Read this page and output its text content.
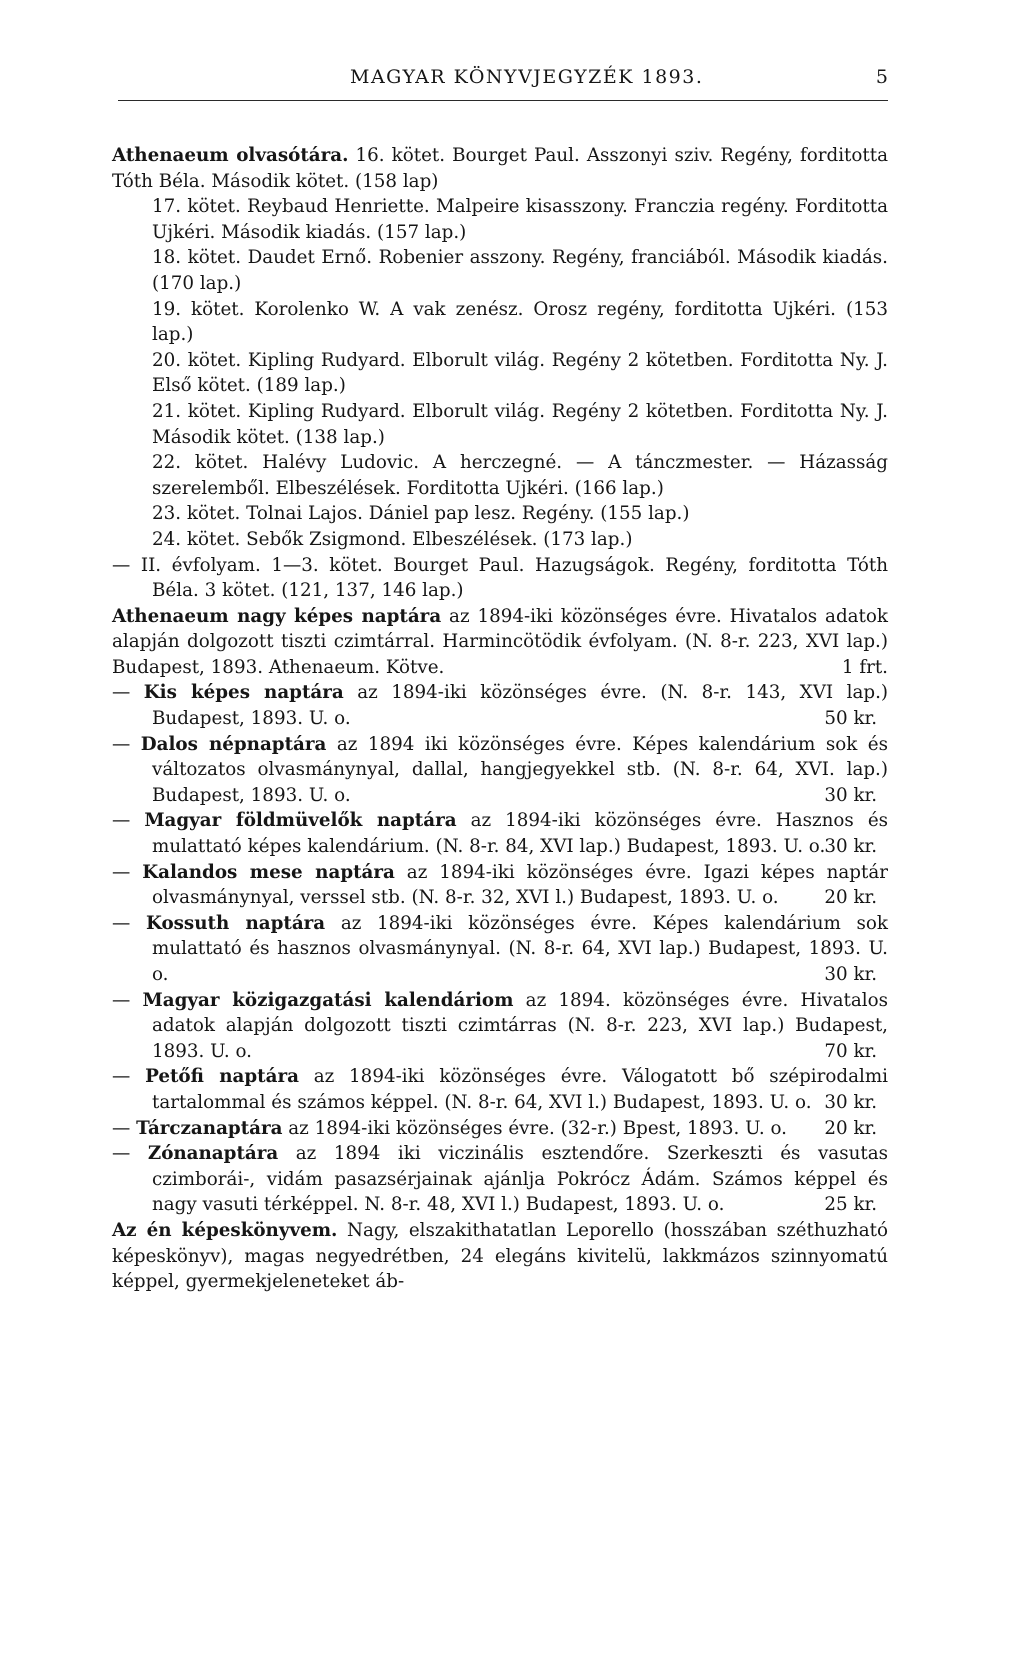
MAGYAR KÖNYVJEGYZÉK 1893.	5

Athenaeum olvasótára. 16. kötet. Bourget Paul. Asszonyi sziv. Regény, forditotta Tóth Béla. Második kötet. (158 lap)

17. kötet. Reybaud Henriette. Malpeire kisasszony. Franczia regény. Forditotta Ujkéri. Második kiadás. (157 lap.)

18. kötet. Daudet Ernő. Robenier asszony. Regény, franciából. Második kiadás. (170 lap.)

19. kötet. Korolenko W. A vak zenész. Orosz regény, forditotta Ujkéri. (153 lap.)

20. kötet. Kipling Rudyard. Elborult világ. Regény 2 kötetben. Forditotta Ny. J. Első kötet. (189 lap.)

21. kötet. Kipling Rudyard. Elborult világ. Regény 2 kötetben. Forditotta Ny. J. Második kötet. (138 lap.)

22. kötet. Halévy Ludovic. A herczegné. — A tánczmester. — Házasság szerelemből. Elbeszélések. Forditotta Ujkéri. (166 lap.)

23. kötet. Tolnai Lajos. Dániel pap lesz. Regény. (155 lap.)

24. kötet. Sebők Zsigmond. Elbeszélések. (173 lap.)

— II. évfolyam. 1—3. kötet. Bourget Paul. Hazugságok. Regény, forditotta Tóth Béla. 3 kötet. (121, 137, 146 lap.)

Athenaeum nagy képes naptára az 1894-iki közönséges évre. Hivatalos adatok alapján dolgozott tiszti czimtárral. Harmincötödik évfolyam. (N. 8-r. 223, XVI lap.) Budapest, 1893. Athenaeum. Kötve.	1 frt.

— Kis képes naptára az 1894-iki közönséges évre. (N. 8-r. 143, XVI lap.) Budapest, 1893. U. o.	50 kr.

— Dalos népnaptára az 1894 iki közönséges évre. Képes kalendárium sok és változatos olvasmánynyal, dallal, hangjegyekkel stb. (N. 8-r. 64, XVI. lap.) Budapest, 1893. U. o.	30 kr.

— Magyar földmüvelők naptára az 1894-iki közönséges évre. Hasznos és mulattató képes kalendárium. (N. 8-r. 84, XVI lap.) Budapest, 1893. U. o. 30 kr.

— Kalandos mese naptára az 1894-iki közönséges évre. Igazi képes naptár olvasmánynyal, verssel stb. (N. 8-r. 32, XVI l.) Budapest, 1893. U. o.	20 kr.

— Kossuth naptára az 1894-iki közönséges évre. Képes kalendárium sok mulattató és hasznos olvasmánynyal. (N. 8-r. 64, XVI lap.) Budapest, 1893. U. o.	30 kr.

— Magyar közigazgatási kalendáriom az 1894. közönséges évre. Hivatalos adatok alapján dolgozott tiszti czimtárras (N. 8-r. 223, XVI lap.) Budapest, 1893. U. o.	70 kr.

— Petőfi naptára az 1894-iki közönséges évre. Válogatott bő szépirodalmi tartalommal és számos képpel. (N. 8-r. 64, XVI l.) Budapest, 1893. U. o. 30 kr.

— Tárczanaptára az 1894-iki közönséges évre. (32-r.) Bpest, 1893. U. o. 20 kr.

— Zónanaptára az 1894 iki viczinális esztendőre. Szerkeszti és vasutas czimborái-, vidám pasazsérjainak ajánlja Pokrócz Ádám. Számos képpel és nagy vasuti térképpel. N. 8-r. 48, XVI l.) Budapest, 1893. U. o.	25 kr.

Az én képeskönyvem. Nagy, elszakithatatlan Leporello (hosszában széthuzható képeskönyv), magas negyedrétben, 24 elegáns kivitelü, lakkmázos szinnyomatú képpel, gyermekjeleneteket áb-
